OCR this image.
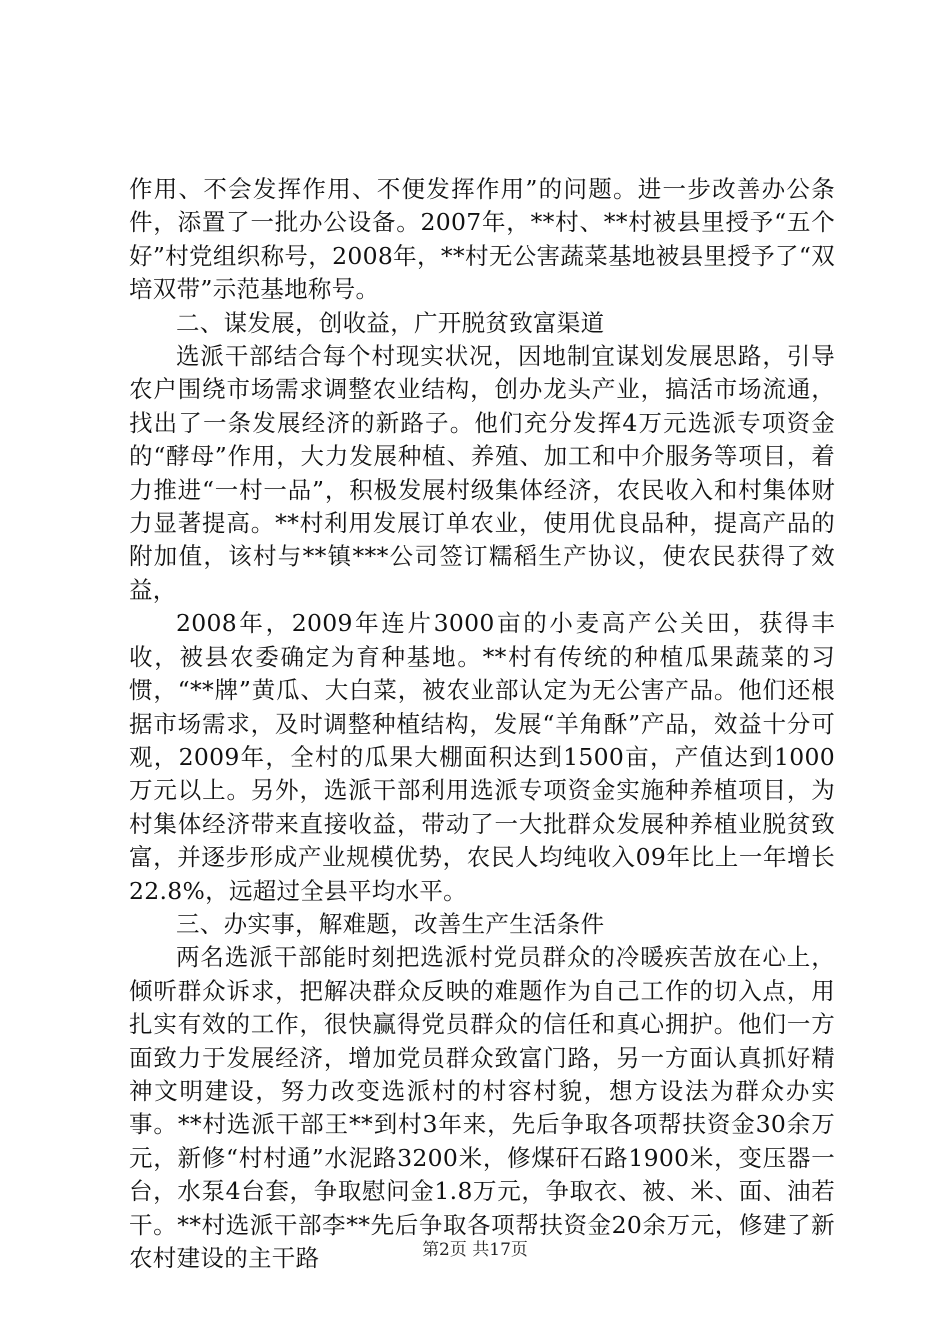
作用、不会发挥作用、不便发挥作用”的问题。进一步改善办公条件，添置了一批办公设备。2007年，**村、**村被县里授予“五个好”村党组织称号，2008年，**村无公害蔬菜基地被县里授予了“双培双带”示范基地称号。

二、谋发展，创收益，广开脱贫致富渠道

选派干部结合每个村现实状况，因地制宜谋划发展思路，引导农户围绕市场需求调整农业结构，创办龙头产业，搞活市场流通，找出了一条发展经济的新路子。他们充分发挥4万元选派专项资金的“酵母”作用，大力发展种植、养殖、加工和中介服务等项目，着力推进“一村一品”，积极发展村级集体经济，农民收入和村集体财力显著提高。**村利用发展订单农业，使用优良品种，提高产品的附加值，该村与**镇***公司签订糯稻生产协议，使农民获得了效益，

2008年，2009年连片3000亩的小麦高产公关田，获得丰收，被县农委确定为育种基地。**村有传统的种植瓜果蔬菜的习惯，“**牌”黄瓜、大白菜，被农业部认定为无公害产品。他们还根据市场需求，及时调整种植结构，发展“羊角酥”产品，效益十分可观，2009年，全村的瓜果大棚面积达到1500亩，产值达到1000万元以上。另外，选派干部利用选派专项资金实施种养植项目，为村集体经济带来直接收益，带动了一大批群众发展种养植业脱贫致富，并逐步形成产业规模优势，农民人均纯收入09年比上一年增长22.8%，远超过全县平均水平。

三、办实事，解难题，改善生产生活条件

两名选派干部能时刻把选派村党员群众的冷暖疾苦放在心上，倾听群众诉求，把解决群众反映的难题作为自己工作的切入点，用扎实有效的工作，很快赢得党员群众的信任和真心拥护。他们一方面致力于发展经济，增加党员群众致富门路，另一方面认真抓好精神文明建设，努力改变选派村的村容村貌，想方设法为群众办实事。**村选派干部王**到村3年来，先后争取各项帮扶资金30余万元，新修“村村通”水泥路3200米，修煤矸石路1900米，变压器一台，水泵4台套，争取慰问金1.8万元，争取衣、被、米、面、油若干。**村选派干部李**先后争取各项帮扶资金20余万元，修建了新农村建设的主干路	第2页 共17页
